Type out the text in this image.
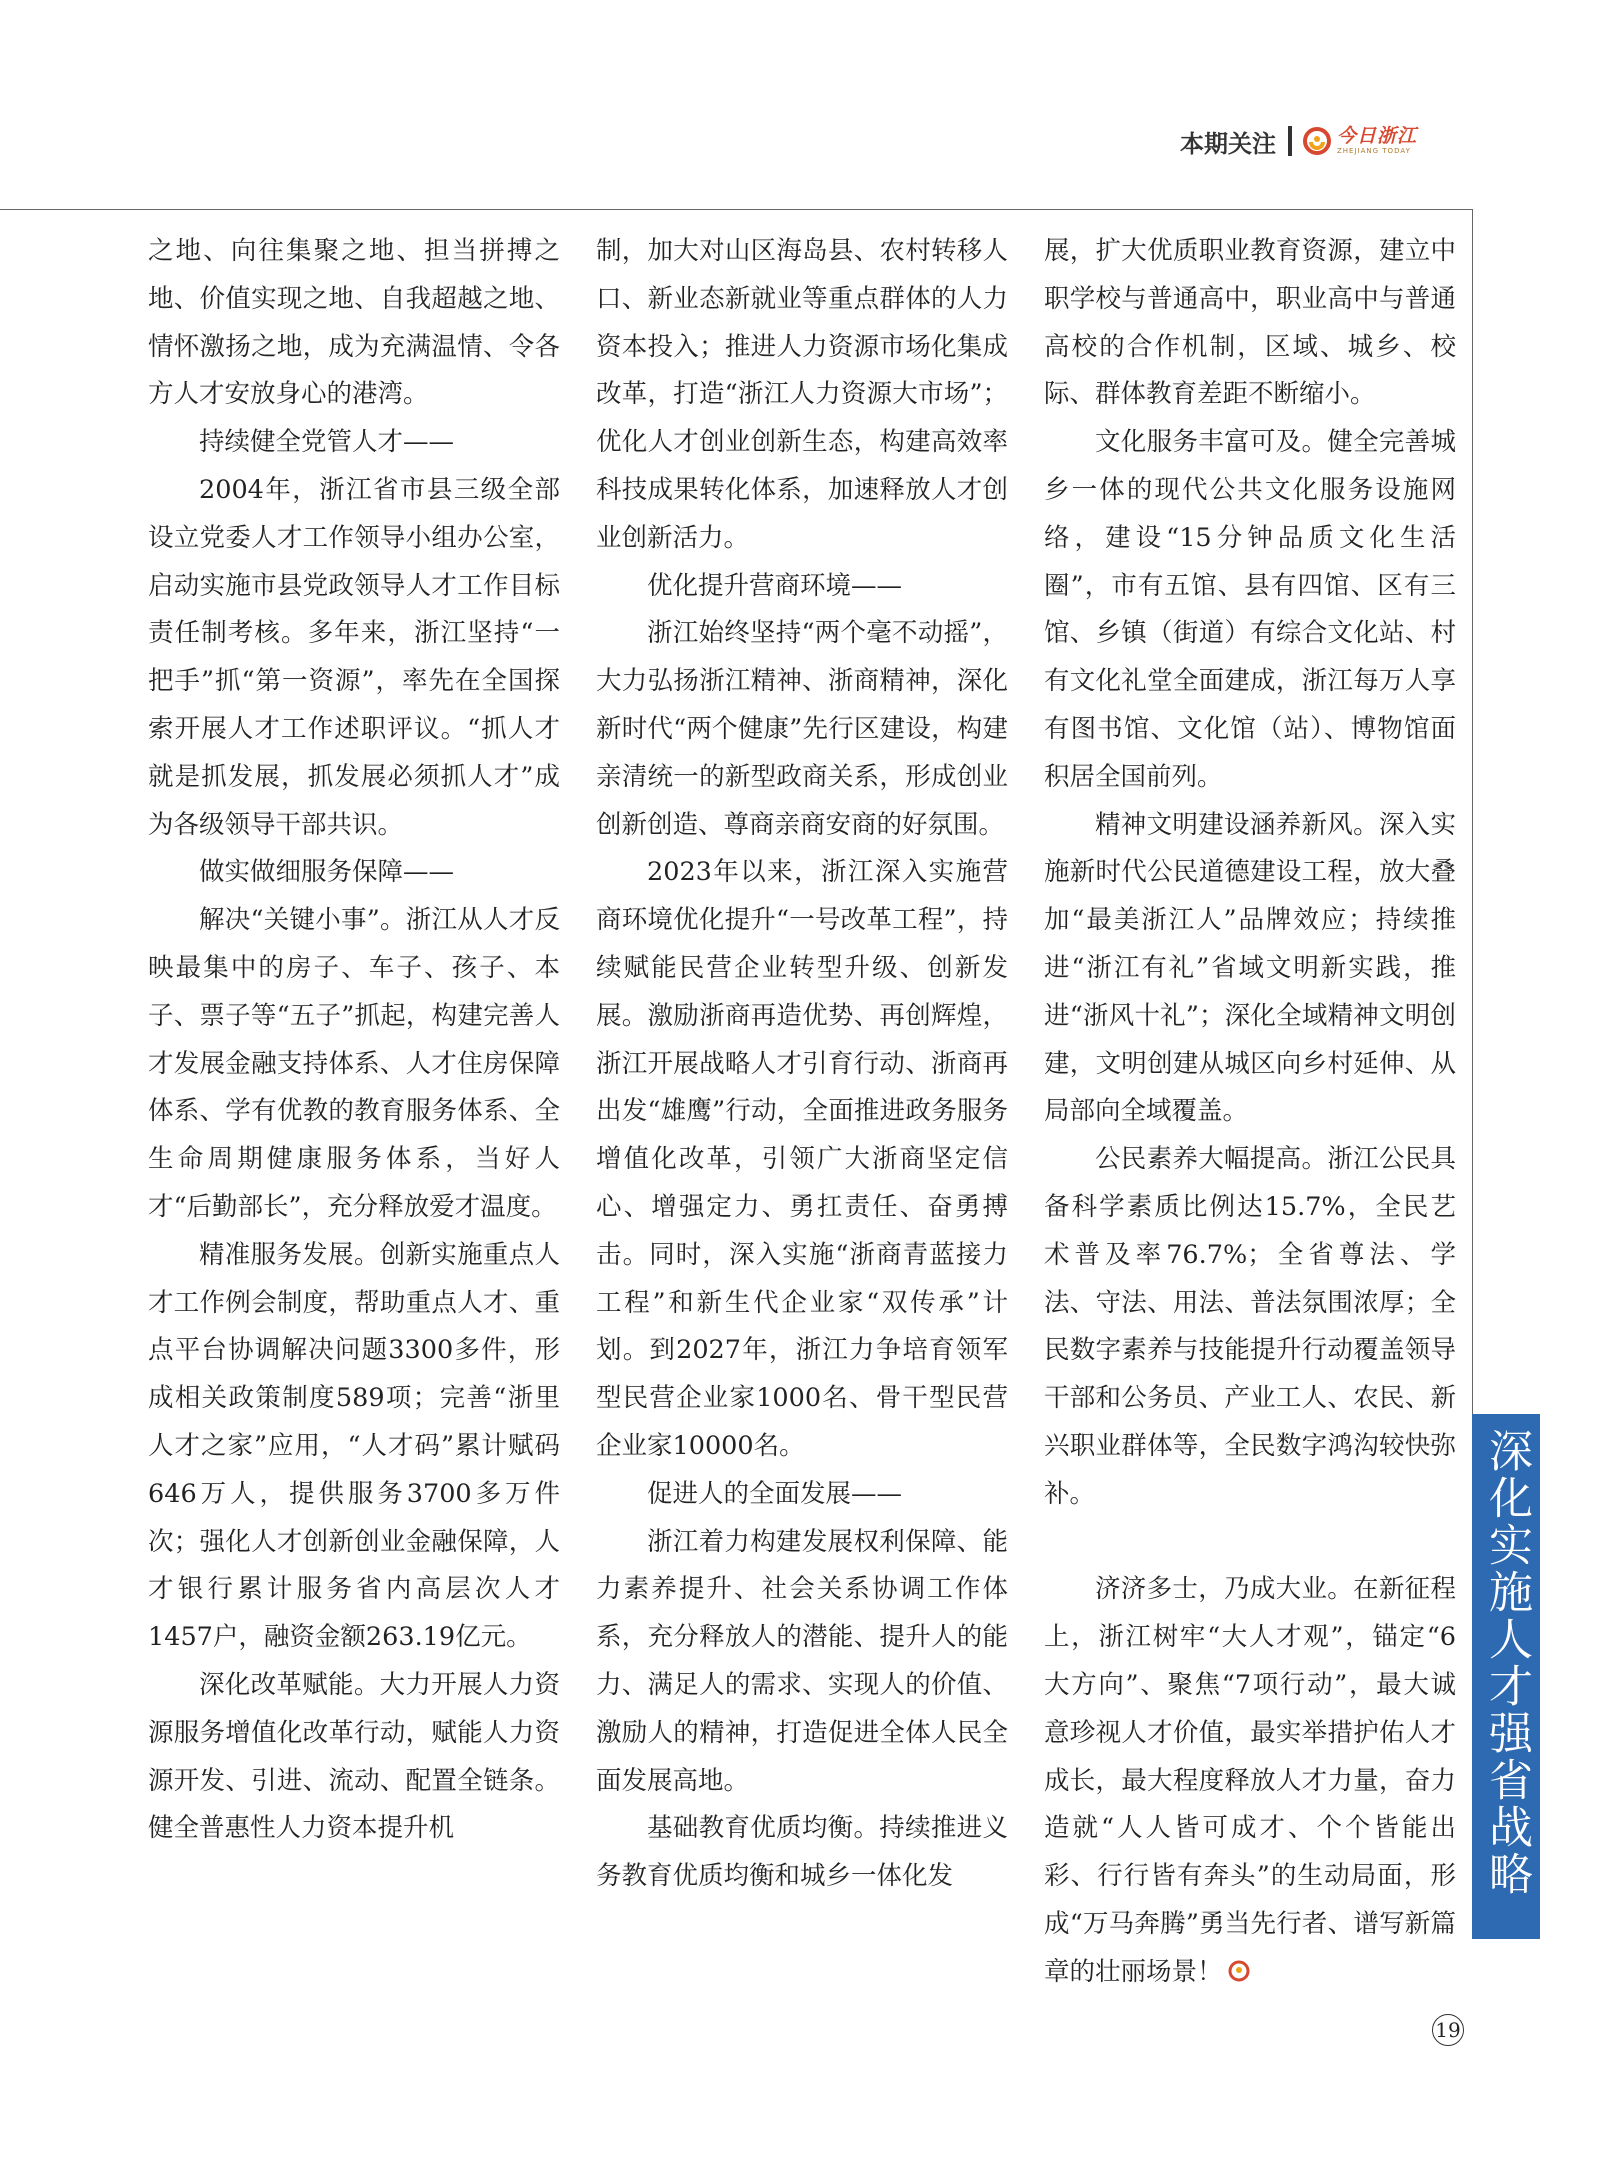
本期关注	今日浙江
ZHEJIANG TODAY

之地、向往集聚之地、担当拼搏之地、价值实现之地、自我超越之地、情怀激扬之地，成为充满温情、令各方人才安放身心的港湾。

持续健全党管人才——

2004年，浙江省市县三级全部设立党委人才工作领导小组办公室，启动实施市县党政领导人才工作目标责任制考核。多年来，浙江坚持“一把手”抓“第一资源”，率先在全国探索开展人才工作述职评议。“抓人才就是抓发展，抓发展必须抓人才”成为各级领导干部共识。

做实做细服务保障——

解决“关键小事”。浙江从人才反映最集中的房子、车子、孩子、本子、票子等“五子”抓起，构建完善人才发展金融支持体系、人才住房保障体系、学有优教的教育服务体系、全生命周期健康服务体系，当好人才“后勤部长”，充分释放爱才温度。

精准服务发展。创新实施重点人才工作例会制度，帮助重点人才、重点平台协调解决问题3300多件，形成相关政策制度589项；完善“浙里人才之家”应用，“人才码”累计赋码646万人，提供服务3700多万件次；强化人才创新创业金融保障，人才银行累计服务省内高层次人才1457户，融资金额263.19亿元。

深化改革赋能。大力开展人力资源服务增值化改革行动，赋能人力资源开发、引进、流动、配置全链条。健全普惠性人力资本提升机

制，加大对山区海岛县、农村转移人口、新业态新就业等重点群体的人力资本投入；推进人力资源市场化集成改革，打造“浙江人力资源大市场”；优化人才创业创新生态，构建高效率科技成果转化体系，加速释放人才创业创新活力。

优化提升营商环境——

浙江始终坚持“两个毫不动摇”，大力弘扬浙江精神、浙商精神，深化新时代“两个健康”先行区建设，构建亲清统一的新型政商关系，形成创业创新创造、尊商亲商安商的好氛围。

2023年以来，浙江深入实施营商环境优化提升“一号改革工程”，持续赋能民营企业转型升级、创新发展。激励浙商再造优势、再创辉煌，浙江开展战略人才引育行动、浙商再出发“雄鹰”行动，全面推进政务服务增值化改革，引领广大浙商坚定信心、增强定力、勇扛责任、奋勇搏击。同时，深入实施“浙商青蓝接力工程”和新生代企业家“双传承”计划。到2027年，浙江力争培育领军型民营企业家1000名、骨干型民营企业家10000名。

促进人的全面发展——

浙江着力构建发展权利保障、能力素养提升、社会关系协调工作体系，充分释放人的潜能、提升人的能力、满足人的需求、实现人的价值、激励人的精神，打造促进全体人民全面发展高地。

基础教育优质均衡。持续推进义务教育优质均衡和城乡一体化发

展，扩大优质职业教育资源，建立中职学校与普通高中，职业高中与普通高校的合作机制，区域、城乡、校际、群体教育差距不断缩小。

文化服务丰富可及。健全完善城乡一体的现代公共文化服务设施网络，建设“15分钟品质文化生活圈”，市有五馆、县有四馆、区有三馆、乡镇（街道）有综合文化站、村有文化礼堂全面建成，浙江每万人享有图书馆、文化馆（站）、博物馆面积居全国前列。

精神文明建设涵养新风。深入实施新时代公民道德建设工程，放大叠加“最美浙江人”品牌效应；持续推进“浙江有礼”省域文明新实践，推进“浙风十礼”；深化全域精神文明创建，文明创建从城区向乡村延伸、从局部向全域覆盖。

公民素养大幅提高。浙江公民具备科学素质比例达15.7%，全民艺术普及率76.7%；全省尊法、学法、守法、用法、普法氛围浓厚；全民数字素养与技能提升行动覆盖领导干部和公务员、产业工人、农民、新兴职业群体等，全民数字鸿沟较快弥补。

济济多士，乃成大业。在新征程上，浙江树牢“大人才观”，锚定“6大方向”、聚焦“7项行动”，最大诚意珍视人才价值，最实举措护佑人才成长，最大程度释放人才力量，奋力造就“人人皆可成才、个个皆能出彩、行行皆有奔头”的生动局面，形成“万马奔腾”勇当先行者、谱写新篇章的壮丽场景！

深化实施人才强省战略
19
